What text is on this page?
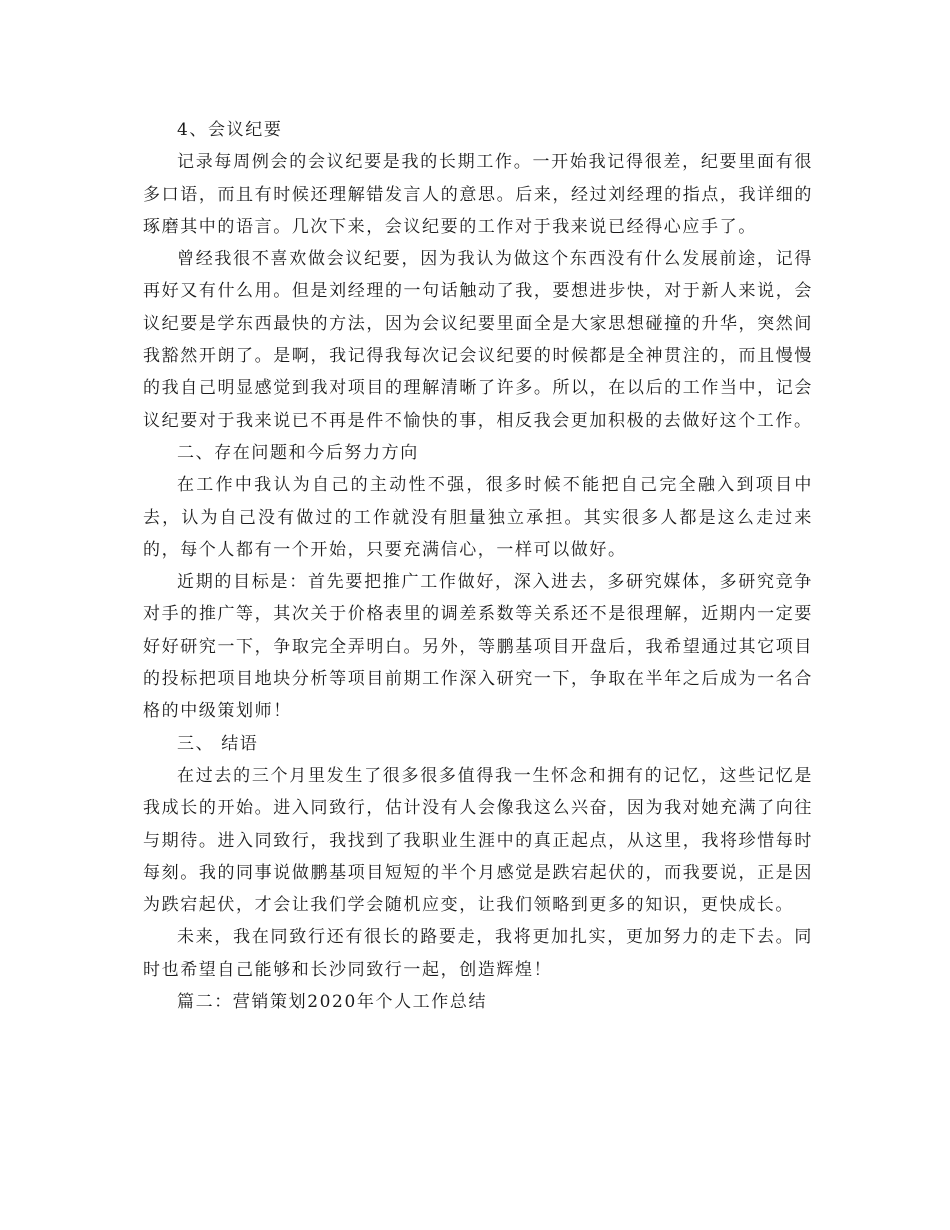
4、会议纪要

记录每周例会的会议纪要是我的长期工作。一开始我记得很差，纪要里面有很多口语，而且有时候还理解错发言人的意思。后来，经过刘经理的指点，我详细的琢磨其中的语言。几次下来，会议纪要的工作对于我来说已经得心应手了。

曾经我很不喜欢做会议纪要，因为我认为做这个东西没有什么发展前途，记得再好又有什么用。但是刘经理的一句话触动了我，要想进步快，对于新人来说，会议纪要是学东西最快的方法，因为会议纪要里面全是大家思想碰撞的升华，突然间我豁然开朗了。是啊，我记得我每次记会议纪要的时候都是全神贯注的，而且慢慢的我自己明显感觉到我对项目的理解清晰了许多。所以，在以后的工作当中，记会议纪要对于我来说已不再是件不愉快的事，相反我会更加积极的去做好这个工作。

二、存在问题和今后努力方向

在工作中我认为自己的主动性不强，很多时候不能把自己完全融入到项目中去，认为自己没有做过的工作就没有胆量独立承担。其实很多人都是这么走过来的，每个人都有一个开始，只要充满信心，一样可以做好。

近期的目标是：首先要把推广工作做好，深入进去，多研究媒体，多研究竞争对手的推广等，其次关于价格表里的调差系数等关系还不是很理解，近期内一定要好好研究一下，争取完全弄明白。另外，等鹏基项目开盘后，我希望通过其它项目的投标把项目地块分析等项目前期工作深入研究一下，争取在半年之后成为一名合格的中级策划师！

三、 结语

在过去的三个月里发生了很多很多值得我一生怀念和拥有的记忆，这些记忆是我成长的开始。进入同致行，估计没有人会像我这么兴奋，因为我对她充满了向往与期待。进入同致行，我找到了我职业生涯中的真正起点，从这里，我将珍惜每时每刻。我的同事说做鹏基项目短短的半个月感觉是跌宕起伏的，而我要说，正是因为跌宕起伏，才会让我们学会随机应变，让我们领略到更多的知识，更快成长。

未来，我在同致行还有很长的路要走，我将更加扎实，更加努力的走下去。同时也希望自己能够和长沙同致行一起，创造辉煌！

篇二：营销策划2020年个人工作总结
